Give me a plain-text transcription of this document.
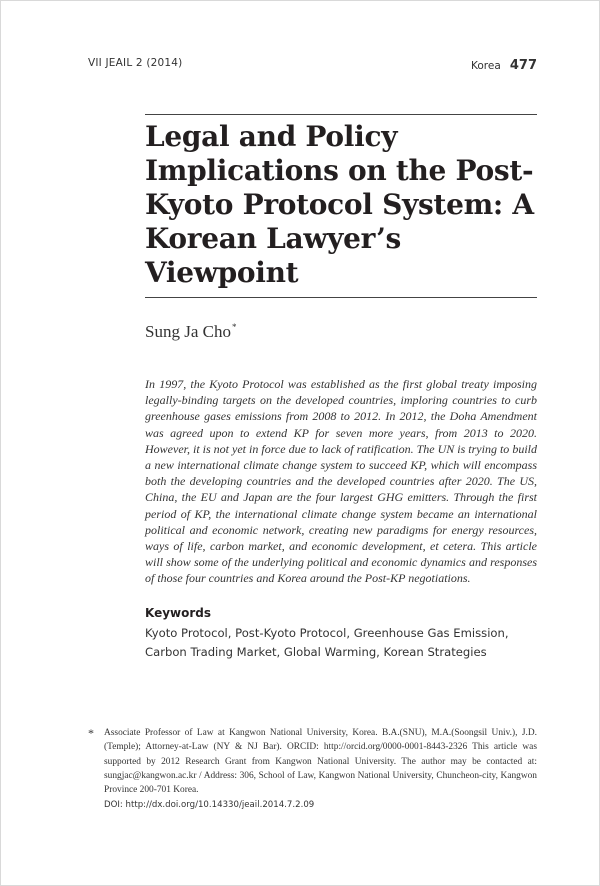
VII JEAIL 2 (2014)	Korea 477
Legal and Policy Implications on the Post-Kyoto Protocol System: A Korean Lawyer’s Viewpoint
Sung Ja Cho*

In 1997, the Kyoto Protocol was established as the first global treaty imposing legally-binding targets on the developed countries, imploring countries to curb greenhouse gases emissions from 2008 to 2012. In 2012, the Doha Amendment was agreed upon to extend KP for seven more years, from 2013 to 2020. However, it is not yet in force due to lack of ratification. The UN is trying to build a new international climate change system to succeed KP, which will encompass both the developing countries and the developed countries after 2020. The US, China, the EU and Japan are the four largest GHG emitters. Through the first period of KP, the international climate change system became an international political and economic network, creating new paradigms for energy resources, ways of life, carbon market, and economic development, et cetera. This article will show some of the underlying political and economic dynamics and responses of those four countries and Korea around the Post-KP negotiations.

Keywords

Kyoto Protocol, Post-Kyoto Protocol, Greenhouse Gas Emission, Carbon Trading Market, Global Warming, Korean Strategies

* Associate Professor of Law at Kangwon National University, Korea. B.A.(SNU), M.A.(Soongsil Univ.), J.D.(Temple); Attorney-at-Law (NY & NJ Bar). ORCID: http://orcid.org/0000-0001-8443-2326 This article was supported by 2012 Research Grant from Kangwon National University. The author may be contacted at: sungjac@kangwon.ac.kr / Address: 306, School of Law, Kangwon National University, Chuncheon-city, Kangwon Province 200-701 Korea.

DOI: http://dx.doi.org/10.14330/jeail.2014.7.2.09
